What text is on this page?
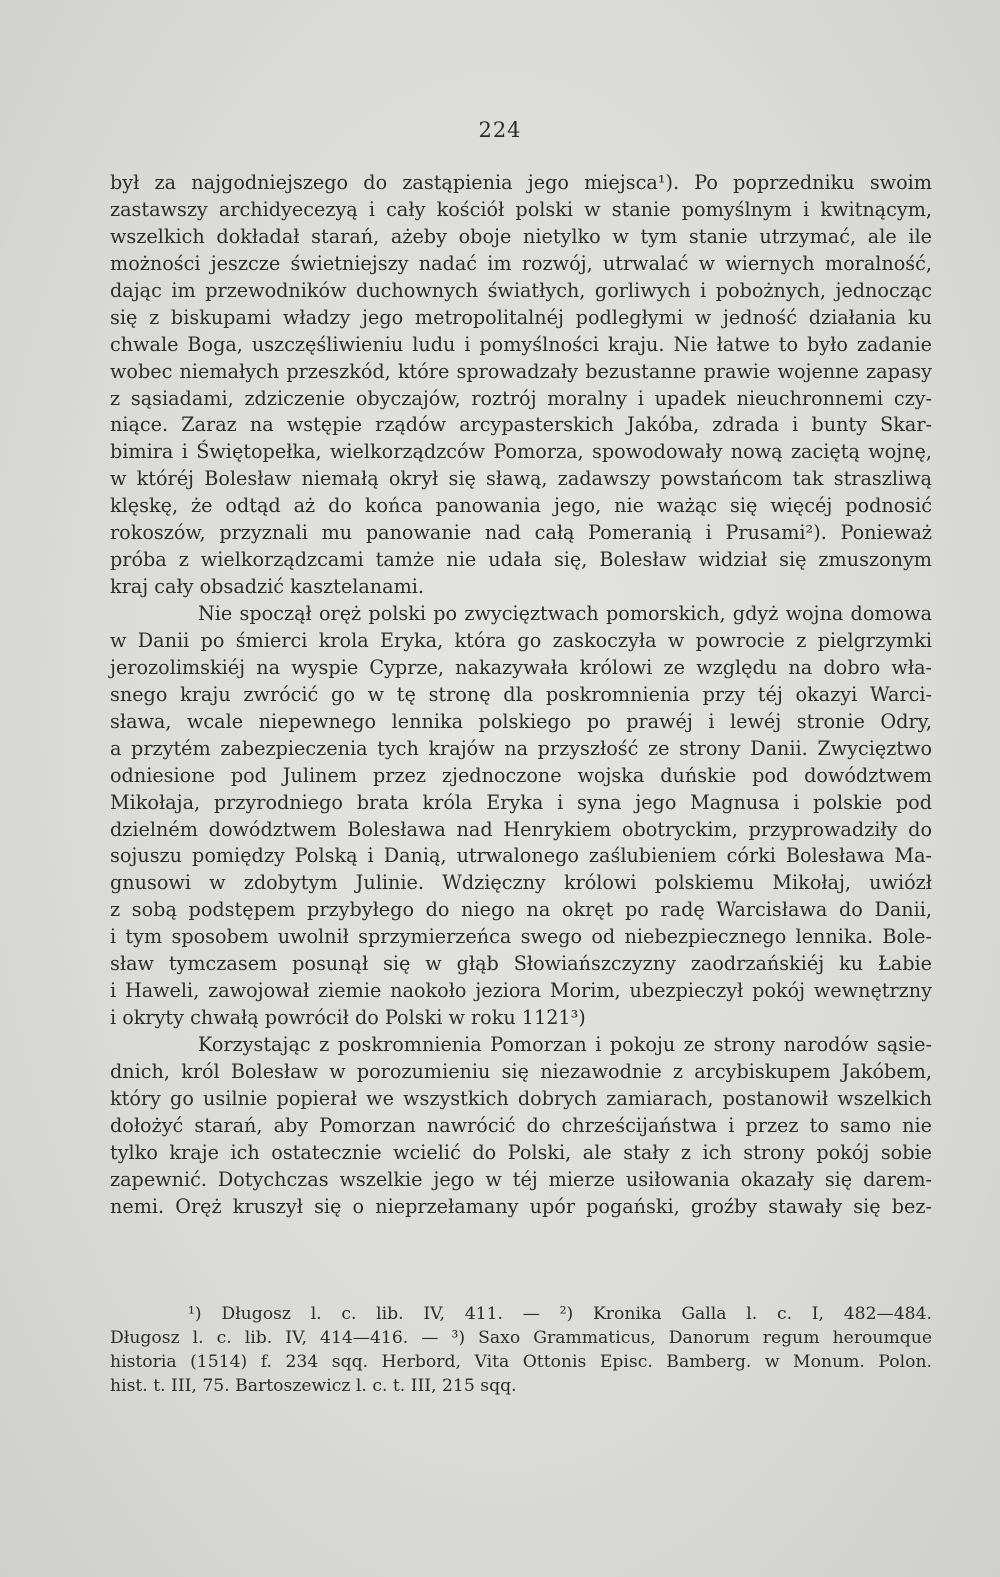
224
był za najgodniejszego do zastąpienia jego miejsca¹). Po poprzedniku swoim
zastawszy archidyecezyą i cały kościół polski w stanie pomyślnym i kwitnącym,
wszelkich dokładał starań, ażeby oboje nietylko w tym stanie utrzymać, ale ile
możności jeszcze świetniejszy nadać im rozwój, utrwalać w wiernych moralność,
dając im przewodników duchownych światłych, gorliwych i pobożnych, jednocząc
się z biskupami władzy jego metropolitalnéj podległymi w jedność działania ku
chwale Boga, uszczęśliwieniu ludu i pomyślności kraju. Nie łatwe to było zadanie
wobec niemałych przeszkód, które sprowadzały bezustanne prawie wojenne zapasy
z sąsiadami, zdziczenie obyczajów, roztrój moralny i upadek nieuchronnemi czy-
niące. Zaraz na wstępie rządów arcypasterskich Jakóba, zdrada i bunty Skar-
bimira i Świętopełka, wielkorządzców Pomorza, spowodowały nową zaciętą wojnę,
w któréj Bolesław niemałą okrył się sławą, zadawszy powstańcom tak straszliwą
klęskę, że odtąd aż do końca panowania jego, nie ważąc się więcéj podnosić
rokoszów, przyznali mu panowanie nad całą Pomeranią i Prusami²). Ponieważ
próba z wielkorządzcami tamże nie udała się, Bolesław widział się zmuszonym
kraj cały obsadzić kasztelanami.
Nie spoczął oręż polski po zwycięztwach pomorskich, gdyż wojna domowa
w Danii po śmierci krola Eryka, która go zaskoczyła w powrocie z pielgrzymki
jerozolimskiéj na wyspie Cyprze, nakazywała królowi ze względu na dobro wła-
snego kraju zwrócić go w tę stronę dla poskromnienia przy téj okazyi Warci-
sława, wcale niepewnego lennika polskiego po prawéj i lewéj stronie Odry,
a przytém zabezpieczenia tych krajów na przyszłość ze strony Danii. Zwycięztwo
odniesione pod Julinem przez zjednoczone wojska duńskie pod dowództwem
Mikołaja, przyrodniego brata króla Eryka i syna jego Magnusa i polskie pod
dzielném dowództwem Bolesława nad Henrykiem obotryckim, przyprowadziły do
sojuszu pomiędzy Polską i Danią, utrwalonego zaślubieniem córki Bolesława Ma-
gnusowi w zdobytym Julinie. Wdzięczny królowi polskiemu Mikołaj, uwiózł
z sobą podstępem przybyłego do niego na okręt po radę Warcisława do Danii,
i tym sposobem uwolnił sprzymierzeńca swego od niebezpiecznego lennika. Bole-
sław tymczasem posunął się w głąb Słowiańszczyzny zaodrzańskiéj ku Łabie
i Haweli, zawojował ziemie naokoło jeziora Morim, ubezpieczył pokój wewnętrzny
i okryty chwałą powrócił do Polski w roku 1121³)
Korzystając z poskromnienia Pomorzan i pokoju ze strony narodów sąsie-
dnich, król Bolesław w porozumieniu się niezawodnie z arcybiskupem Jakóbem,
który go usilnie popierał we wszystkich dobrych zamiarach, postanowił wszelkich
dołożyć starań, aby Pomorzan nawrócić do chrześcijaństwa i przez to samo nie
tylko kraje ich ostatecznie wcielić do Polski, ale stały z ich strony pokój sobie
zapewnić. Dotychczas wszelkie jego w téj mierze usiłowania okazały się darem-
nemi. Oręż kruszył się o nieprzełamany upór pogański, groźby stawały się bez-
¹) Długosz l. c. lib. IV, 411. — ²) Kronika Galla l. c. I, 482—484.
Długosz l. c. lib. IV, 414—416. — ³) Saxo Grammaticus, Danorum regum heroumque
historia (1514) f. 234 sqq. Herbord, Vita Ottonis Episc. Bamberg. w Monum. Polon.
hist. t. III, 75. Bartoszewicz l. c. t. III, 215 sqq.
